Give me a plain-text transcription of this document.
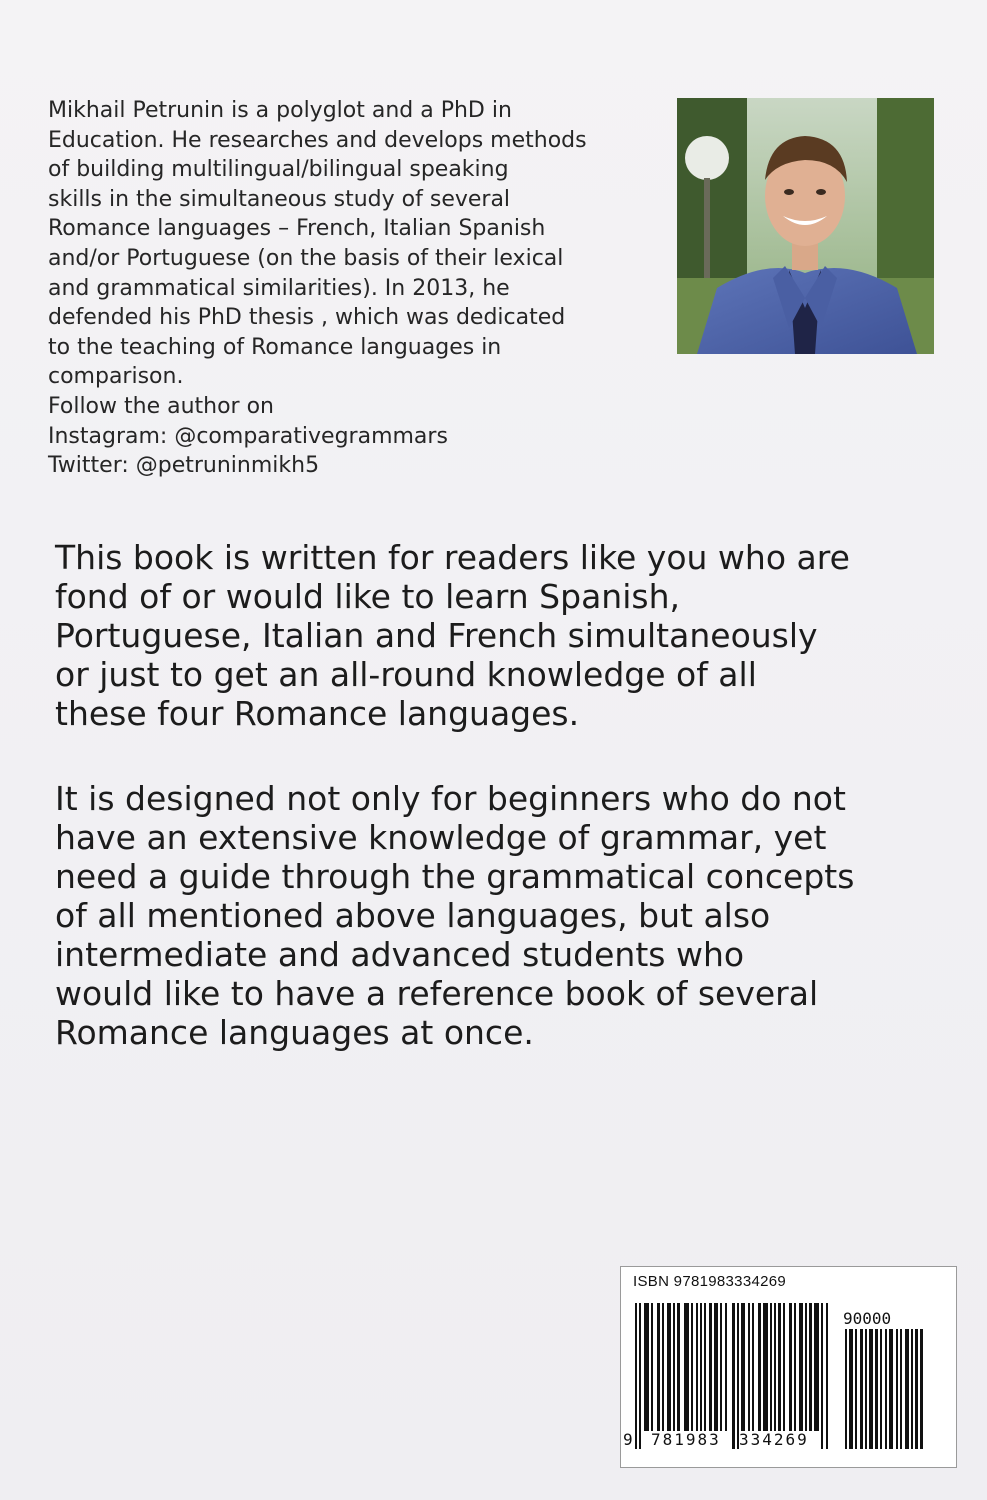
Mikhail Petrunin is a polyglot and a PhD in
Education. He researches and develops methods
of building multilingual/bilingual speaking
skills in the simultaneous study of several
Romance languages – French, Italian Spanish
and/or Portuguese (on the basis of their lexical
and grammatical similarities). In 2013, he
defended his PhD thesis , which was dedicated
to the teaching of Romance languages in
comparison.
Follow the author on
Instagram: @comparativegrammars
Twitter: @petruninmikh5
This book is written for readers like you who are
fond of or would like to learn Spanish,
Portuguese, Italian and French simultaneously
or just to get an all-round knowledge of all
these four Romance languages.
It is designed not only for beginners who do not
have an extensive knowledge of grammar, yet
need a guide through the grammatical concepts
of all mentioned above languages, but also
intermediate and advanced students who
would like to have a reference book of several
Romance languages at once.
ISBN 9781983334269
90000
9 781983 334269
